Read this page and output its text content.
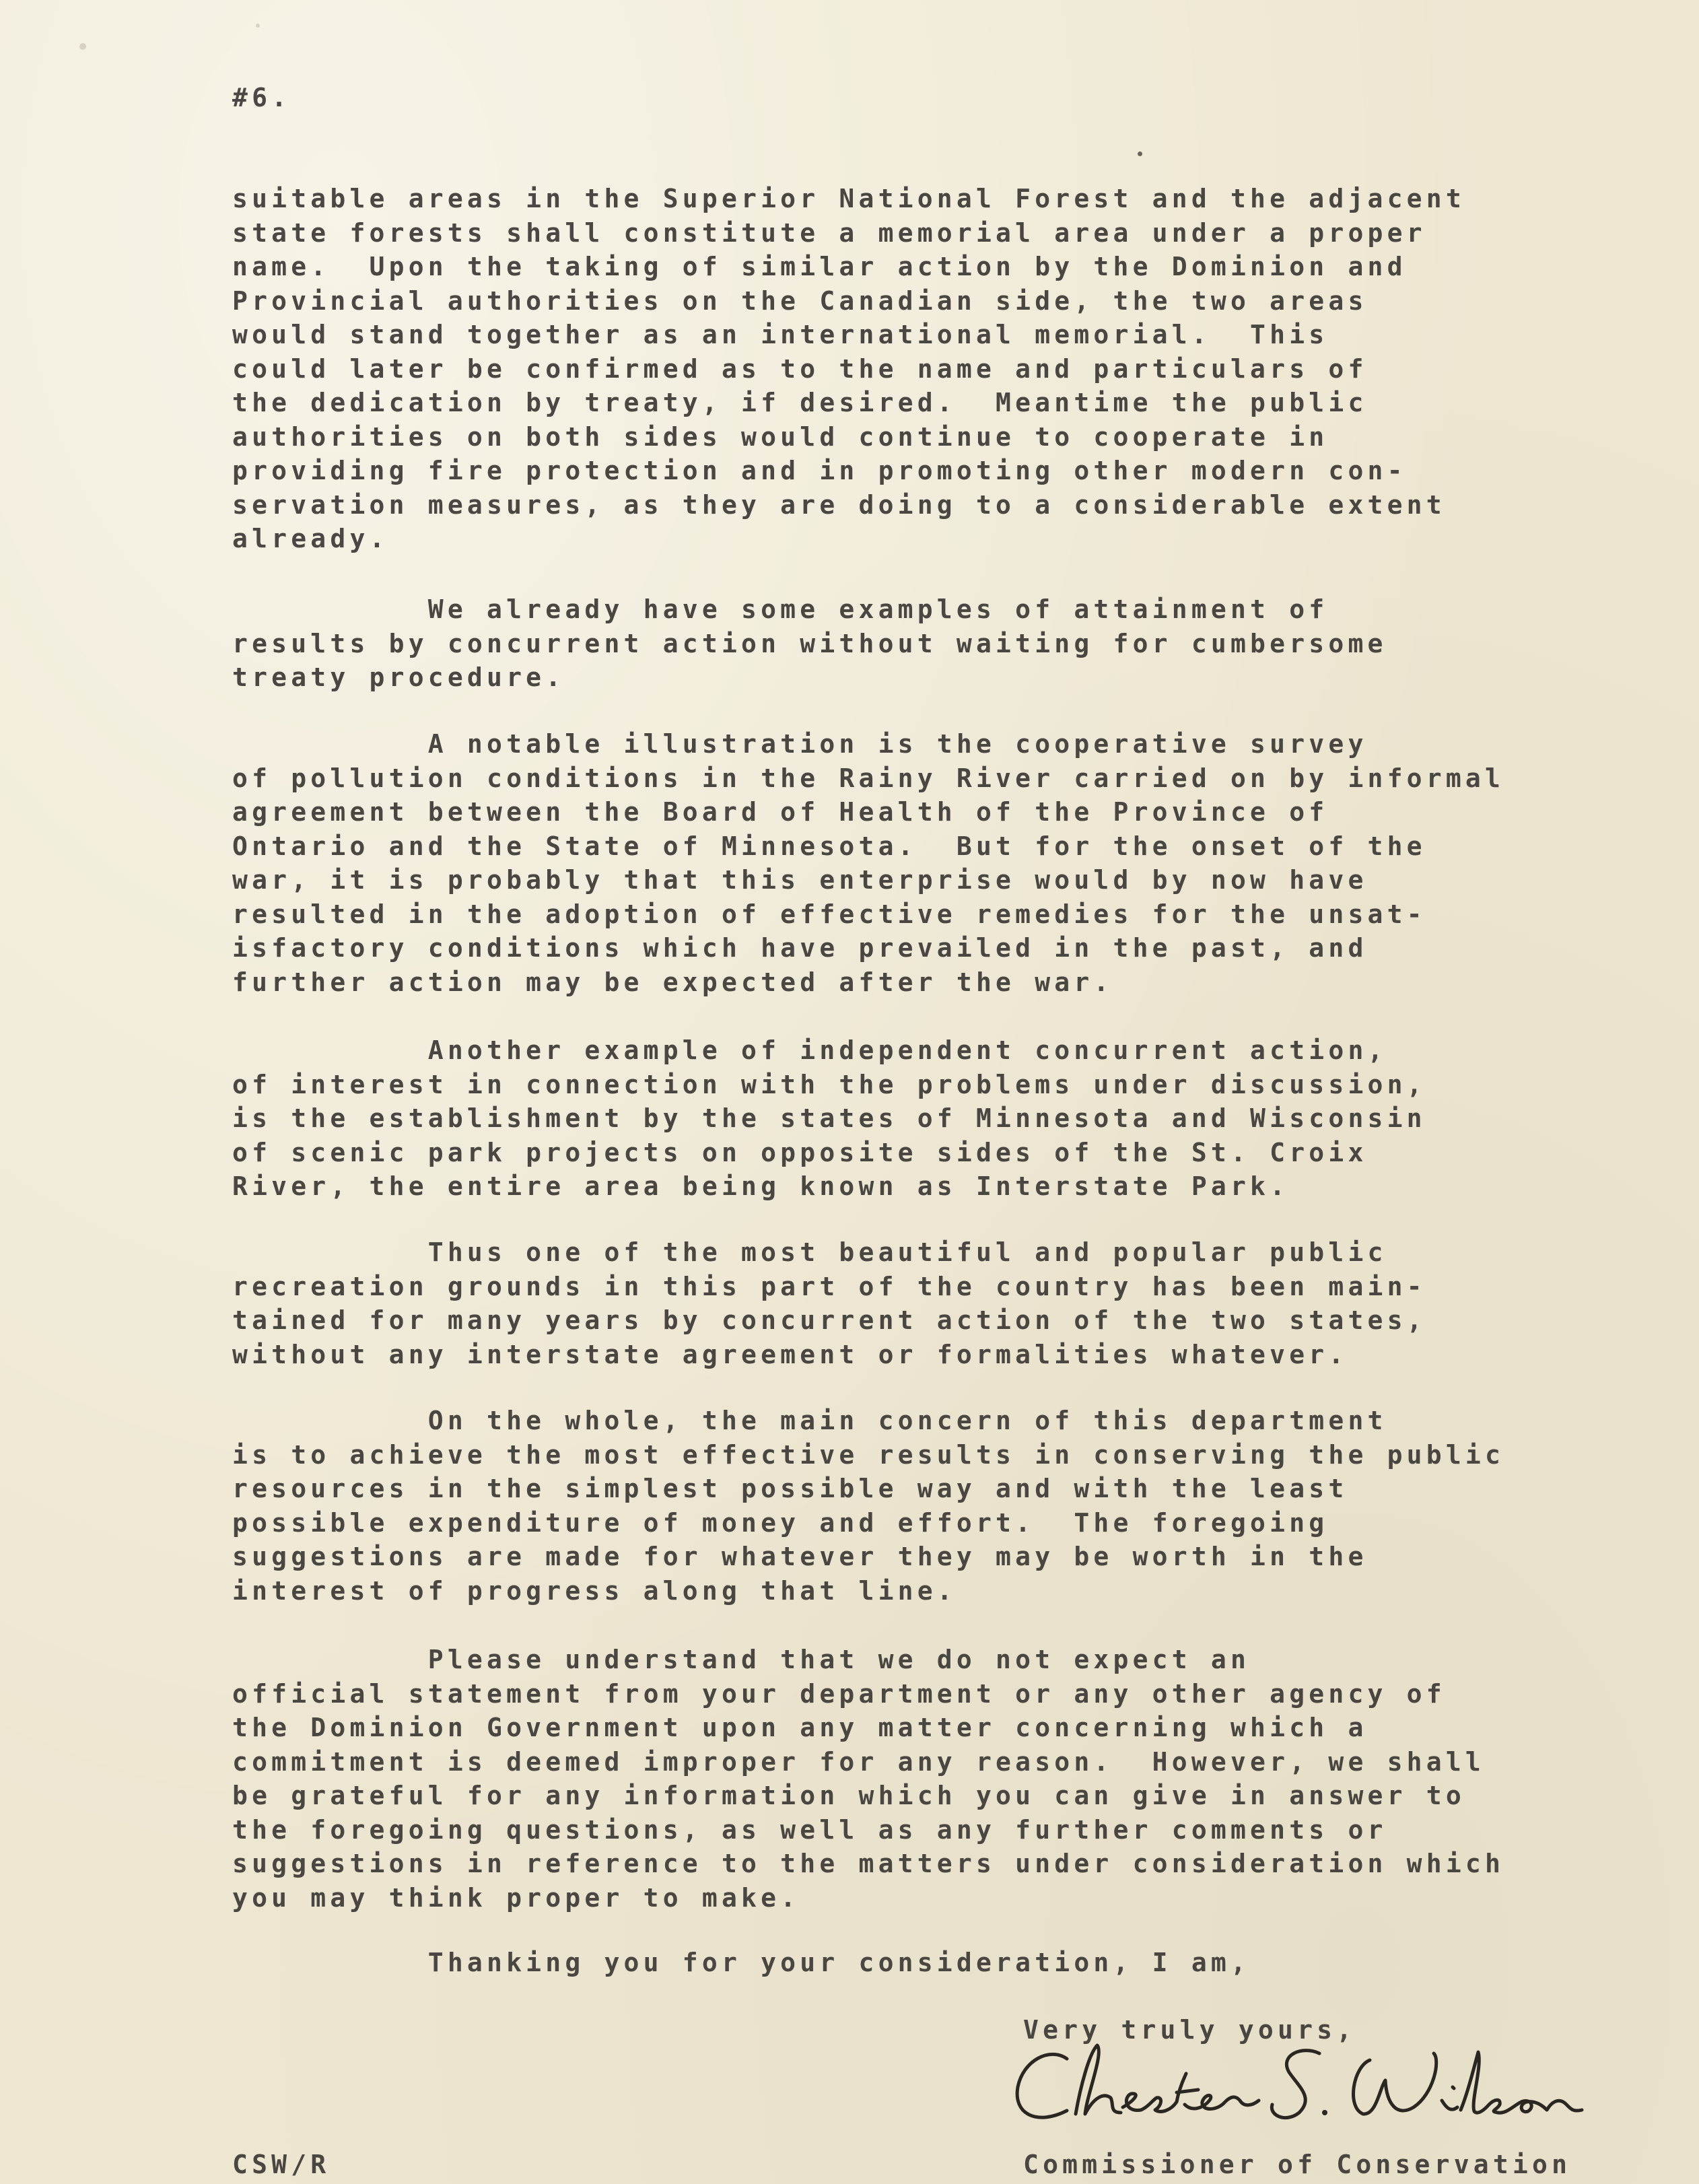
#6.
suitable areas in the Superior National Forest and the adjacent
state forests shall constitute a memorial area under a proper
name.  Upon the taking of similar action by the Dominion and
Provincial authorities on the Canadian side, the two areas
would stand together as an international memorial.  This
could later be confirmed as to the name and particulars of
the dedication by treaty, if desired.  Meantime the public
authorities on both sides would continue to cooperate in
providing fire protection and in promoting other modern con-
servation measures, as they are doing to a considerable extent
already.
We already have some examples of attainment of
results by concurrent action without waiting for cumbersome
treaty procedure.
A notable illustration is the cooperative survey
of pollution conditions in the Rainy River carried on by informal
agreement between the Board of Health of the Province of
Ontario and the State of Minnesota.  But for the onset of the
war, it is probably that this enterprise would by now have
resulted in the adoption of effective remedies for the unsat-
isfactory conditions which have prevailed in the past, and
further action may be expected after the war.
Another example of independent concurrent action,
of interest in connection with the problems under discussion,
is the establishment by the states of Minnesota and Wisconsin
of scenic park projects on opposite sides of the St. Croix
River, the entire area being known as Interstate Park.
Thus one of the most beautiful and popular public
recreation grounds in this part of the country has been main-
tained for many years by concurrent action of the two states,
without any interstate agreement or formalities whatever.
On the whole, the main concern of this department
is to achieve the most effective results in conserving the public
resources in the simplest possible way and with the least
possible expenditure of money and effort.  The foregoing
suggestions are made for whatever they may be worth in the
interest of progress along that line.
Please understand that we do not expect an
official statement from your department or any other agency of
the Dominion Government upon any matter concerning which a
commitment is deemed improper for any reason.  However, we shall
be grateful for any information which you can give in answer to
the foregoing questions, as well as any further comments or
suggestions in reference to the matters under consideration which
you may think proper to make.
Thanking you for your consideration, I am,
Very truly yours,
CSW/R	Commissioner of Conservation
